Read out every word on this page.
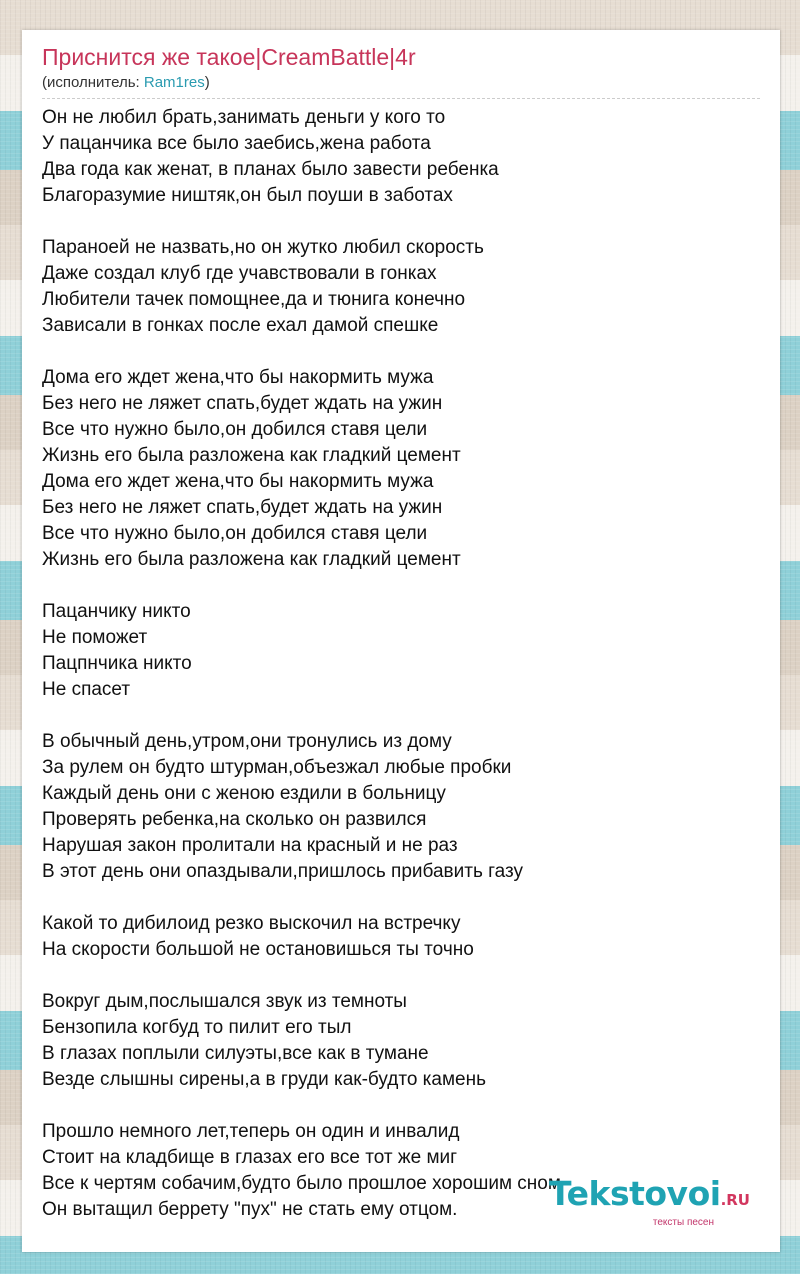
Приснится же такое|CreamBattle|4r
(исполнитель: Ram1res)
Он не любил брать,занимать деньги у кого то
У пацанчика все было заебись,жена работа
Два года как женат, в планах было завести ребенка
Благоразумие ништяк,он был поуши в заботах
Параноей не назвать,но он жутко любил скорость
Даже создал клуб где учавствовали в гонках
Любители тачек помощнее,да и тюнига конечно
Зависали в гонках после ехал дамой спешке
Дома его ждет жена,что бы накормить мужа
Без него не ляжет спать,будет ждать на ужин
Все что нужно было,он добился ставя цели
Жизнь его была разложена как гладкий цемент
Дома его ждет жена,что бы накормить мужа
Без него не ляжет спать,будет ждать на ужин
Все что нужно было,он добился ставя цели
Жизнь его была разложена как гладкий цемент
Пацанчику никто
Не поможет
Пацпнчика никто
Не спасет
В обычный день,утром,они тронулись из дому
За рулем он будто штурман,объезжал любые пробки
Каждый день они с женою ездили в больницу
Проверять ребенка,на сколько он развился
Нарушая закон пролитали на красный и не раз
В этот день они опаздывали,пришлось прибавить газу
Какой то дибилоид резко выскочил на встречку
На скорости большой не остановишься ты точно
Вокруг дым,послышался звук из темноты
Бензопила когбуд то пилит его тыл
В глазах поплыли силуэты,все как в тумане
Везде слышны сирены,а в груди как-будто камень
Прошло немного лет,теперь он один и инвалид
Стоит на кладбище в глазах его все тот же миг
Все к чертям собачим,будто было прошлое хорошим сном
Он вытащил беррету "пух" не стать ему отцом.	Tekstovoi.RU
тексты песен
